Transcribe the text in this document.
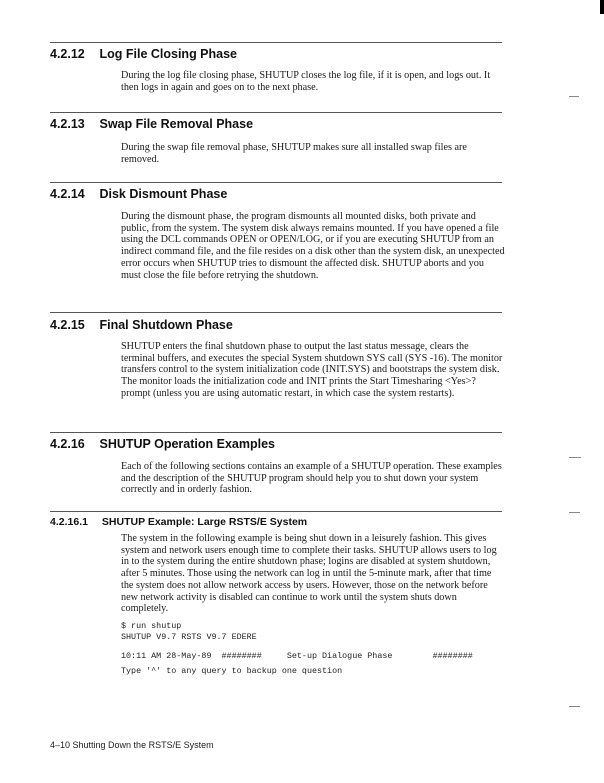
4.2.12 Log File Closing Phase
During the log file closing phase, SHUTUP closes the log file, if it is open, and logs out. It then logs in again and goes on to the next phase.
4.2.13 Swap File Removal Phase
During the swap file removal phase, SHUTUP makes sure all installed swap files are removed.
4.2.14 Disk Dismount Phase
During the dismount phase, the program dismounts all mounted disks, both private and public, from the system. The system disk always remains mounted. If you have opened a file using the DCL commands OPEN or OPEN/LOG, or if you are executing SHUTUP from an indirect command file, and the file resides on a disk other than the system disk, an unexpected error occurs when SHUTUP tries to dismount the affected disk. SHUTUP aborts and you must close the file before retrying the shutdown.
4.2.15 Final Shutdown Phase
SHUTUP enters the final shutdown phase to output the last status message, clears the terminal buffers, and executes the special System shutdown SYS call (SYS -16). The monitor transfers control to the system initialization code (INIT.SYS) and bootstraps the system disk. The monitor loads the initialization code and INIT prints the Start Timesharing <Yes>? prompt (unless you are using automatic restart, in which case the system restarts).
4.2.16 SHUTUP Operation Examples
Each of the following sections contains an example of a SHUTUP operation. These examples and the description of the SHUTUP program should help you to shut down your system correctly and in orderly fashion.
4.2.16.1 SHUTUP Example: Large RSTS/E System
The system in the following example is being shut down in a leisurely fashion. This gives system and network users enough time to complete their tasks. SHUTUP allows users to log in to the system during the entire shutdown phase; logins are disabled at system shutdown, after 5 minutes. Those using the network can log in until the 5-minute mark, after that time the system does not allow network access by users. However, those on the network before new network activity is disabled can continue to work until the system shuts down completely.
$ run shutup
SHUTUP V9.7 RSTS V9.7 EDERE
10:11 AM 28-May-89  ########     Set-up Dialogue Phase        ########
Type '^' to any query to backup one question
4–10 Shutting Down the RSTS/E System
